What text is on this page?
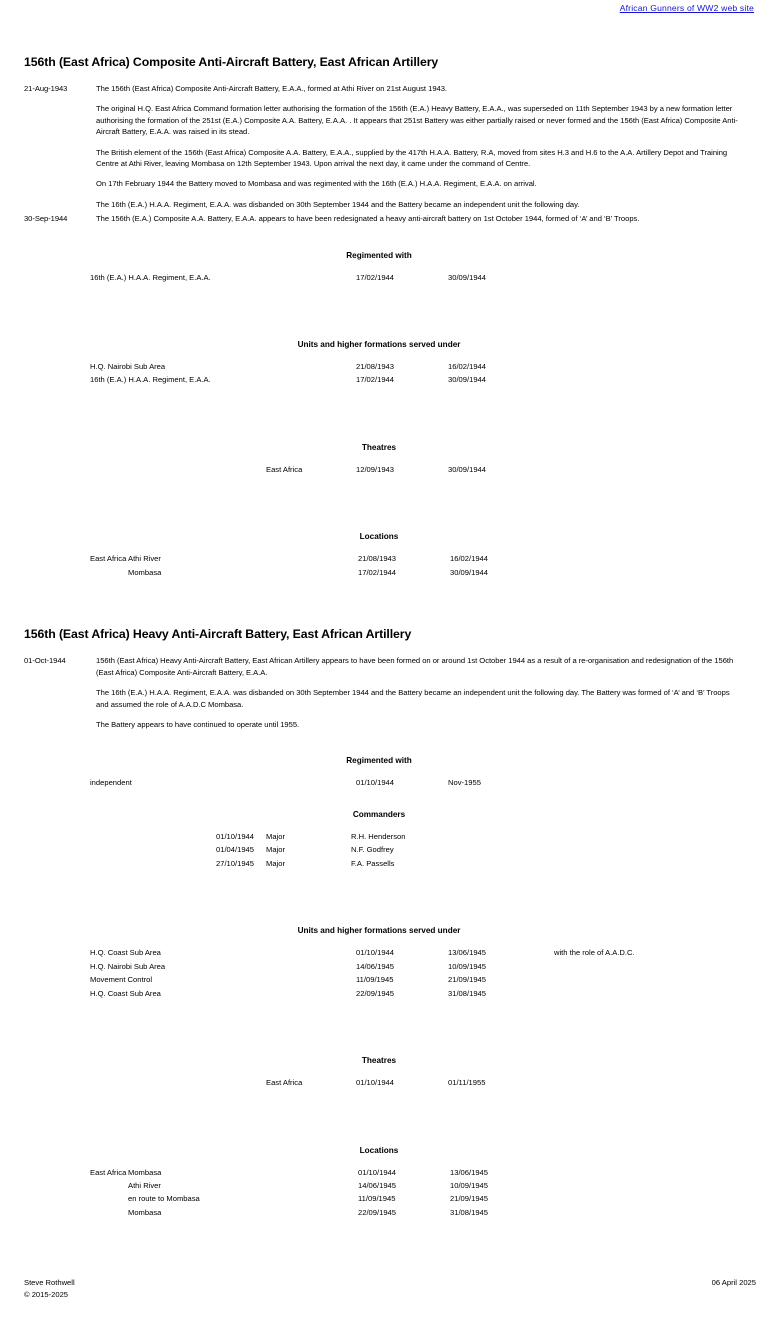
African Gunners of WW2 web site
156th (East Africa) Composite Anti-Aircraft Battery, East African Artillery
21-Aug-1943	The 156th (East Africa) Composite Anti-Aircraft Battery, E.A.A., formed at Athi River on 21st August 1943.

The original H.Q. East Africa Command formation letter authorising the formation of the 156th (E.A.) Heavy Battery, E.A.A., was superseded on 11th September 1943 by a new formation letter authorising the formation of the 251st (E.A.) Composite A.A. Battery, E.A.A. . It appears that 251st Battery was either partially raised or never formed and the 156th (East Africa) Composite Anti-Aircraft Battery, E.A.A. was raised in its stead.

The British element of the 156th (East Africa) Composite A.A. Battery, E.A.A., supplied by the 417th H.A.A. Battery, R.A, moved from sites H.3 and H.6 to the A.A. Artillery Depot and Training Centre at Athi River, leaving Mombasa on 12th September 1943. Upon arrival the next day, it came under the command of Centre.

On 17th February 1944 the Battery moved to Mombasa and was regimented with the 16th (E.A.) H.A.A. Regiment, E.A.A. on arrival.

The 16th (E.A.) H.A.A. Regiment, E.A.A. was disbanded on 30th September 1944 and the Battery became an independent unit the following day.

30-Sep-1944	The 156th (E.A.) Composite A.A. Battery, E.A.A. appears to have been redesignated a heavy anti-aircraft battery on 1st October 1944, formed of ‘A’ and ‘B’ Troops.

Regimented with
	16th (E.A.) H.A.A. Regiment, E.A.A.	17/02/1944	30/09/1944	
Units and higher formations served under
	H.Q. Nairobi Sub Area	21/08/1943	16/02/1944	
	16th (E.A.) H.A.A. Regiment, E.A.A.	17/02/1944	30/09/1944	
Theatres
	East Africa	12/09/1943	30/09/1944	
Locations
	East Africa	Athi River	21/08/1943	16/02/1944	
		Mombasa	17/02/1944	30/09/1944	
156th (East Africa) Heavy Anti-Aircraft Battery, East African Artillery
01-Oct-1944	156th (East Africa) Heavy Anti-Aircraft Battery, East African Artillery appears to have been formed on or around 1st October 1944 as a result of a re-organisation and redesignation of the 156th (East Africa) Composite Anti-Aircraft Battery, E.A.A.

The 16th (E.A.) H.A.A. Regiment, E.A.A. was disbanded on 30th September 1944 and the Battery became an independent unit the following day. The Battery was formed of ‘A’ and ‘B’ Troops and assumed the role of A.A.D.C Mombasa.

The Battery appears to have continued to operate until 1955.

Regimented with
	independent	01/10/1944	Nov-1955	
Commanders
	01/10/1944	Major	R.H. Henderson
	01/04/1945	Major	N.F. Godfrey
	27/10/1945	Major	F.A. Passells
Units and higher formations served under
	H.Q. Coast Sub Area	01/10/1944	13/06/1945	with the role of A.A.D.C.
	H.Q. Nairobi Sub Area	14/06/1945	10/09/1945	
	Movement Control	11/09/1945	21/09/1945	
	H.Q. Coast Sub Area	22/09/1945	31/08/1945	
Theatres
	East Africa	01/10/1944	01/11/1955	
Locations
	East Africa	Mombasa	01/10/1944	13/06/1945	
		Athi River	14/06/1945	10/09/1945	
		en route to Mombasa	11/09/1945	21/09/1945	
		Mombasa	22/09/1945	31/08/1945	
Steve Rothwell	06 April 2025
© 2015-2025
